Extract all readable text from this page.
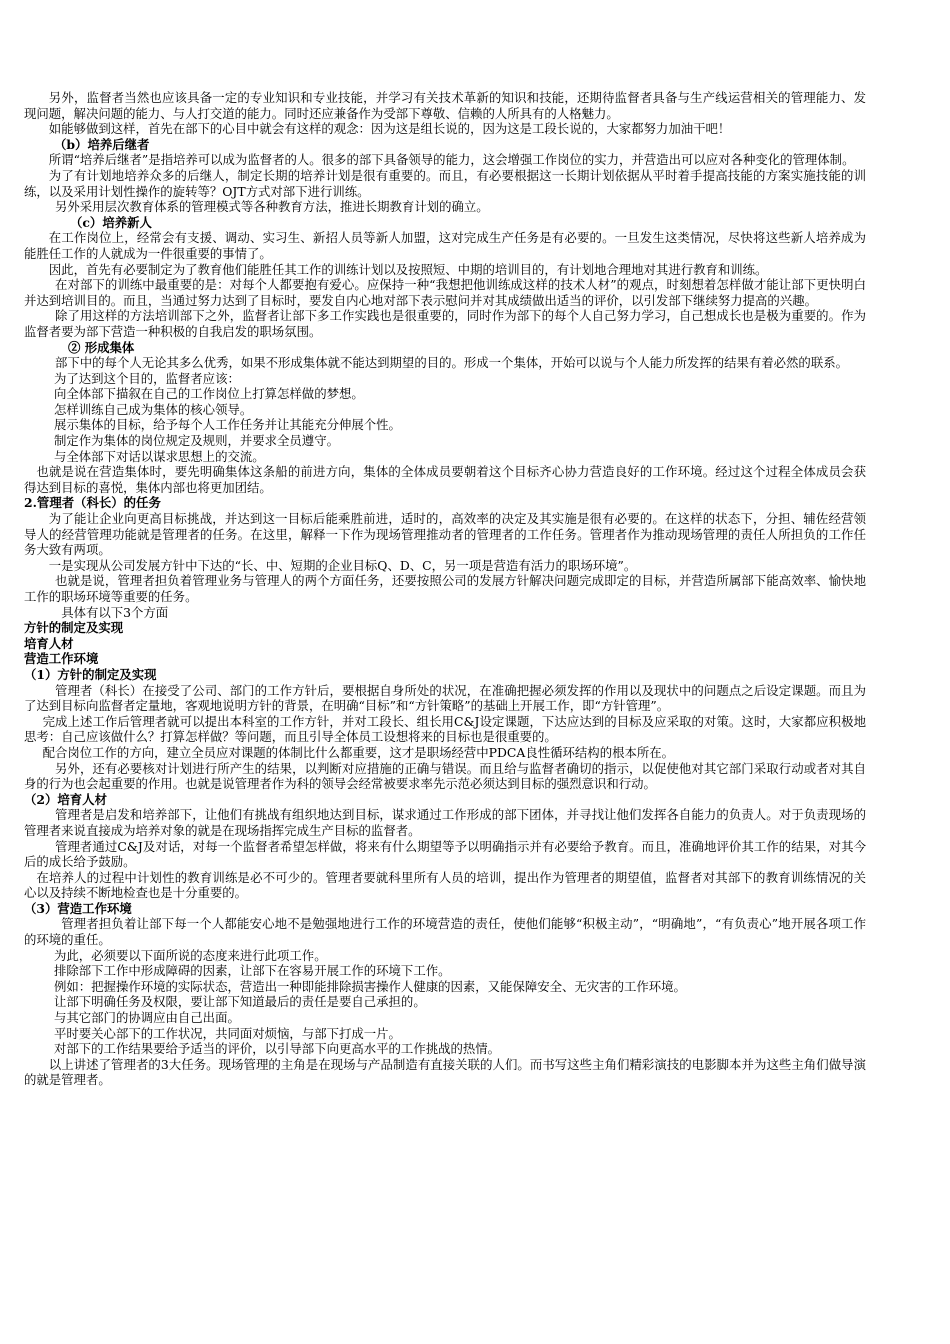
另外，监督者当然也应该具备一定的专业知识和专业技能，并学习有关技术革新的知识和技能，还期待监督者具备与生产线运营相关的管理能力、发现问题，解决问题的能力、与人打交道的能力。同时还应兼备作为受部下尊敬、信赖的人所具有的人格魅力。

如能够做到这样，首先在部下的心目中就会有这样的观念：因为这是组长说的，因为这是工段长说的，大家都努力加油干吧！

（b）培养后继者

所谓“培养后继者”是指培养可以成为监督者的人。很多的部下具备领导的能力，这会增强工作岗位的实力，并营造出可以应对各种变化的管理体制。

为了有计划地培养众多的后继人，制定长期的培养计划是很有重要的。而且，有必要根据这一长期计划依据从平时着手提高技能的方案实施技能的训练，以及采用计划性操作的旋转等？OJT方式对部下进行训练。

另外采用层次教育体系的管理模式等各种教育方法，推进长期教育计划的确立。

（c）培养新人

在工作岗位上，经常会有支援、调动、实习生、新招人员等新人加盟，这对完成生产任务是有必要的。一旦发生这类情况，尽快将这些新人培养成为能胜任工作的人就成为一件很重要的事情了。

因此，首先有必要制定为了教育他们能胜任其工作的训练计划以及按照短、中期的培训目的，有计划地合理地对其进行教育和训练。

在对部下的训练中最重要的是：对每个人都要抱有爱心。应保持一种“我想把他训练成这样的技术人材”的观点，时刻想着怎样做才能让部下更快明白并达到培训目的。而且，当通过努力达到了目标时，要发自内心地对部下表示慰问并对其成绩做出适当的评价，以引发部下继续努力提高的兴趣。

除了用这样的方法培训部下之外，监督者让部下多工作实践也是很重要的，同时作为部下的每个人自己努力学习，自己想成长也是极为重要的。作为监督者要为部下营造一种积极的自我启发的职场氛围。

② 形成集体

部下中的每个人无论其多么优秀，如果不形成集体就不能达到期望的目的。形成一个集体，开始可以说与个人能力所发挥的结果有着必然的联系。

为了达到这个目的，监督者应该：

向全体部下描叙在自己的工作岗位上打算怎样做的梦想。

怎样训练自己成为集体的核心领导。

展示集体的目标，给予每个人工作任务并让其能充分伸展个性。

制定作为集体的岗位规定及规则，并要求全员遵守。

与全体部下对话以谋求思想上的交流。

也就是说在营造集体时，要先明确集体这条船的前进方向，集体的全体成员要朝着这个目标齐心协力营造良好的工作环境。经过这个过程全体成员会获得达到目标的喜悦，集体内部也将更加团结。

2.管理者（科长）的任务

为了能让企业向更高目标挑战，并达到这一目标后能乘胜前进，适时的，高效率的决定及其实施是很有必要的。在这样的状态下，分担、辅佐经营领导人的经营管理功能就是管理者的任务。在这里，解释一下作为现场管理推动者的管理者的工作任务。管理者作为推动现场管理的责任人所担负的工作任务大致有两项。

一是实现从公司发展方针中下达的“长、中、短期的企业目标Q、D、C，另一项是营造有活力的职场环境”。

也就是说，管理者担负着管理业务与管理人的两个方面任务，还要按照公司的发展方针解决问题完成即定的目标，并营造所属部下能高效率、愉快地工作的职场环境等重要的任务。

具体有以下3个方面

方针的制定及实现

培育人材

营造工作环境

（1）方针的制定及实现

管理者（科长）在接受了公司、部门的工作方针后，要根据自身所处的状况，在准确把握必须发挥的作用以及现状中的问题点之后设定课题。而且为了达到目标向监督者定量地，客观地说明方针的背景，在明确“目标”和“方针策略”的基础上开展工作，即“方针管理”。

完成上述工作后管理者就可以提出本科室的工作方针，并对工段长、组长用C&J设定课题，下达应达到的目标及应采取的对策。这时，大家都应积极地思考：自己应该做什么？打算怎样做？等问题，而且引导全体员工设想将来的目标也是很重要的。

配合岗位工作的方向，建立全员应对课题的体制比什么都重要，这才是职场经营中PDCA良性循环结构的根本所在。

另外，还有必要核对计划进行所产生的结果，以判断对应措施的正确与错误。而且给与监督者确切的指示，以促使他对其它部门采取行动或者对其自身的行为也会起重要的作用。也就是说管理者作为科的领导会经常被要求率先示范必须达到目标的强烈意识和行动。

（2）培育人材

管理者是启发和培养部下，让他们有挑战有组织地达到目标，谋求通过工作形成的部下团体，并寻找让他们发挥各自能力的负责人。对于负责现场的管理者来说直接成为培养对象的就是在现场指挥完成生产目标的监督者。

管理者通过C&J及对话，对每一个监督者希望怎样做，将来有什么期望等予以明确指示并有必要给予教育。而且，准确地评价其工作的结果，对其今后的成长给予鼓励。

在培养人的过程中计划性的教育训练是必不可少的。管理者要就科里所有人员的培训，提出作为管理者的期望值，监督者对其部下的教育训练情况的关心以及持续不断地检查也是十分重要的。

（3）营造工作环境

管理者担负着让部下每一个人都能安心地不是勉强地进行工作的环境营造的责任，使他们能够“积极主动”，“明确地”，“有负责心”地开展各项工作的环境的重任。

为此，必须要以下面所说的态度来进行此项工作。

排除部下工作中形成障碍的因素，让部下在容易开展工作的环境下工作。

例如：把握操作环境的实际状态，营造出一种即能排除损害操作人健康的因素，又能保障安全、无灾害的工作环境。

让部下明确任务及权限，要让部下知道最后的责任是要自己承担的。

与其它部门的协调应由自己出面。

平时要关心部下的工作状况，共同面对烦恼，与部下打成一片。

对部下的工作结果要给予适当的评价，以引导部下向更高水平的工作挑战的热情。

以上讲述了管理者的3大任务。现场管理的主角是在现场与产品制造有直接关联的人们。而书写这些主角们精彩演技的电影脚本并为这些主角们做导演的就是管理者。
